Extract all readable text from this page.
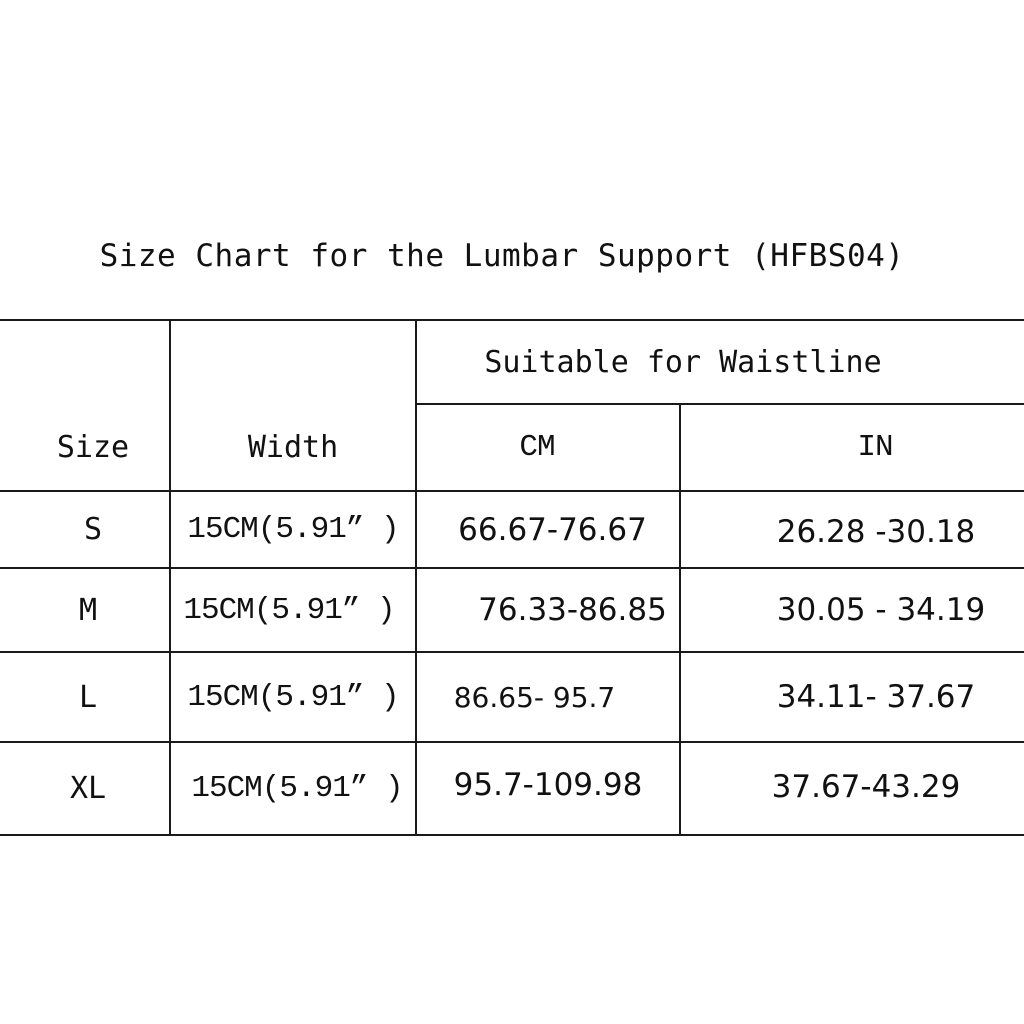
Size Chart for the Lumbar Support (HFBS04)
Size	Width
Suitable for Waistline
CM	IN
S	15CM(5.91” )	66.67-76.67	26.28 -30.18
M	15CM(5.91” )	76.33-86.85	30.05 - 34.19
L	15CM(5.91” )	86.65- 95.7	34.11- 37.67
XL	15CM(5.91” )	95.7-109.98	37.67-43.29
